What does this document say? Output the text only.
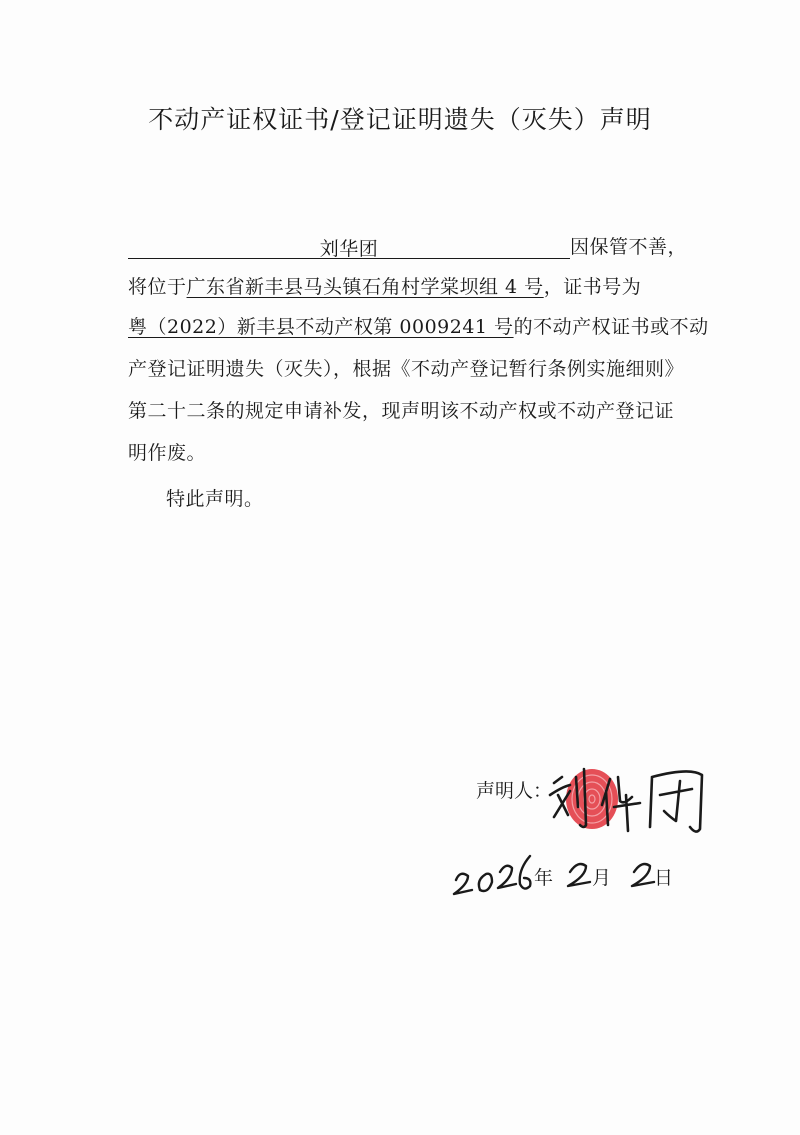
不动产证权证书/登记证明遗失（灭失）声明
刘华团	因保管不善，
将位于广东省新丰县马头镇石角村学棠坝组 4 号，证书号为
粤（2022）新丰县不动产权第 0009241 号的不动产权证书或不动
产登记证明遗失（灭失），根据《不动产登记暂行条例实施细则》
第二十二条的规定申请补发，现声明该不动产权或不动产登记证
明作废。
特此声明。
声明人：
年 月 日
